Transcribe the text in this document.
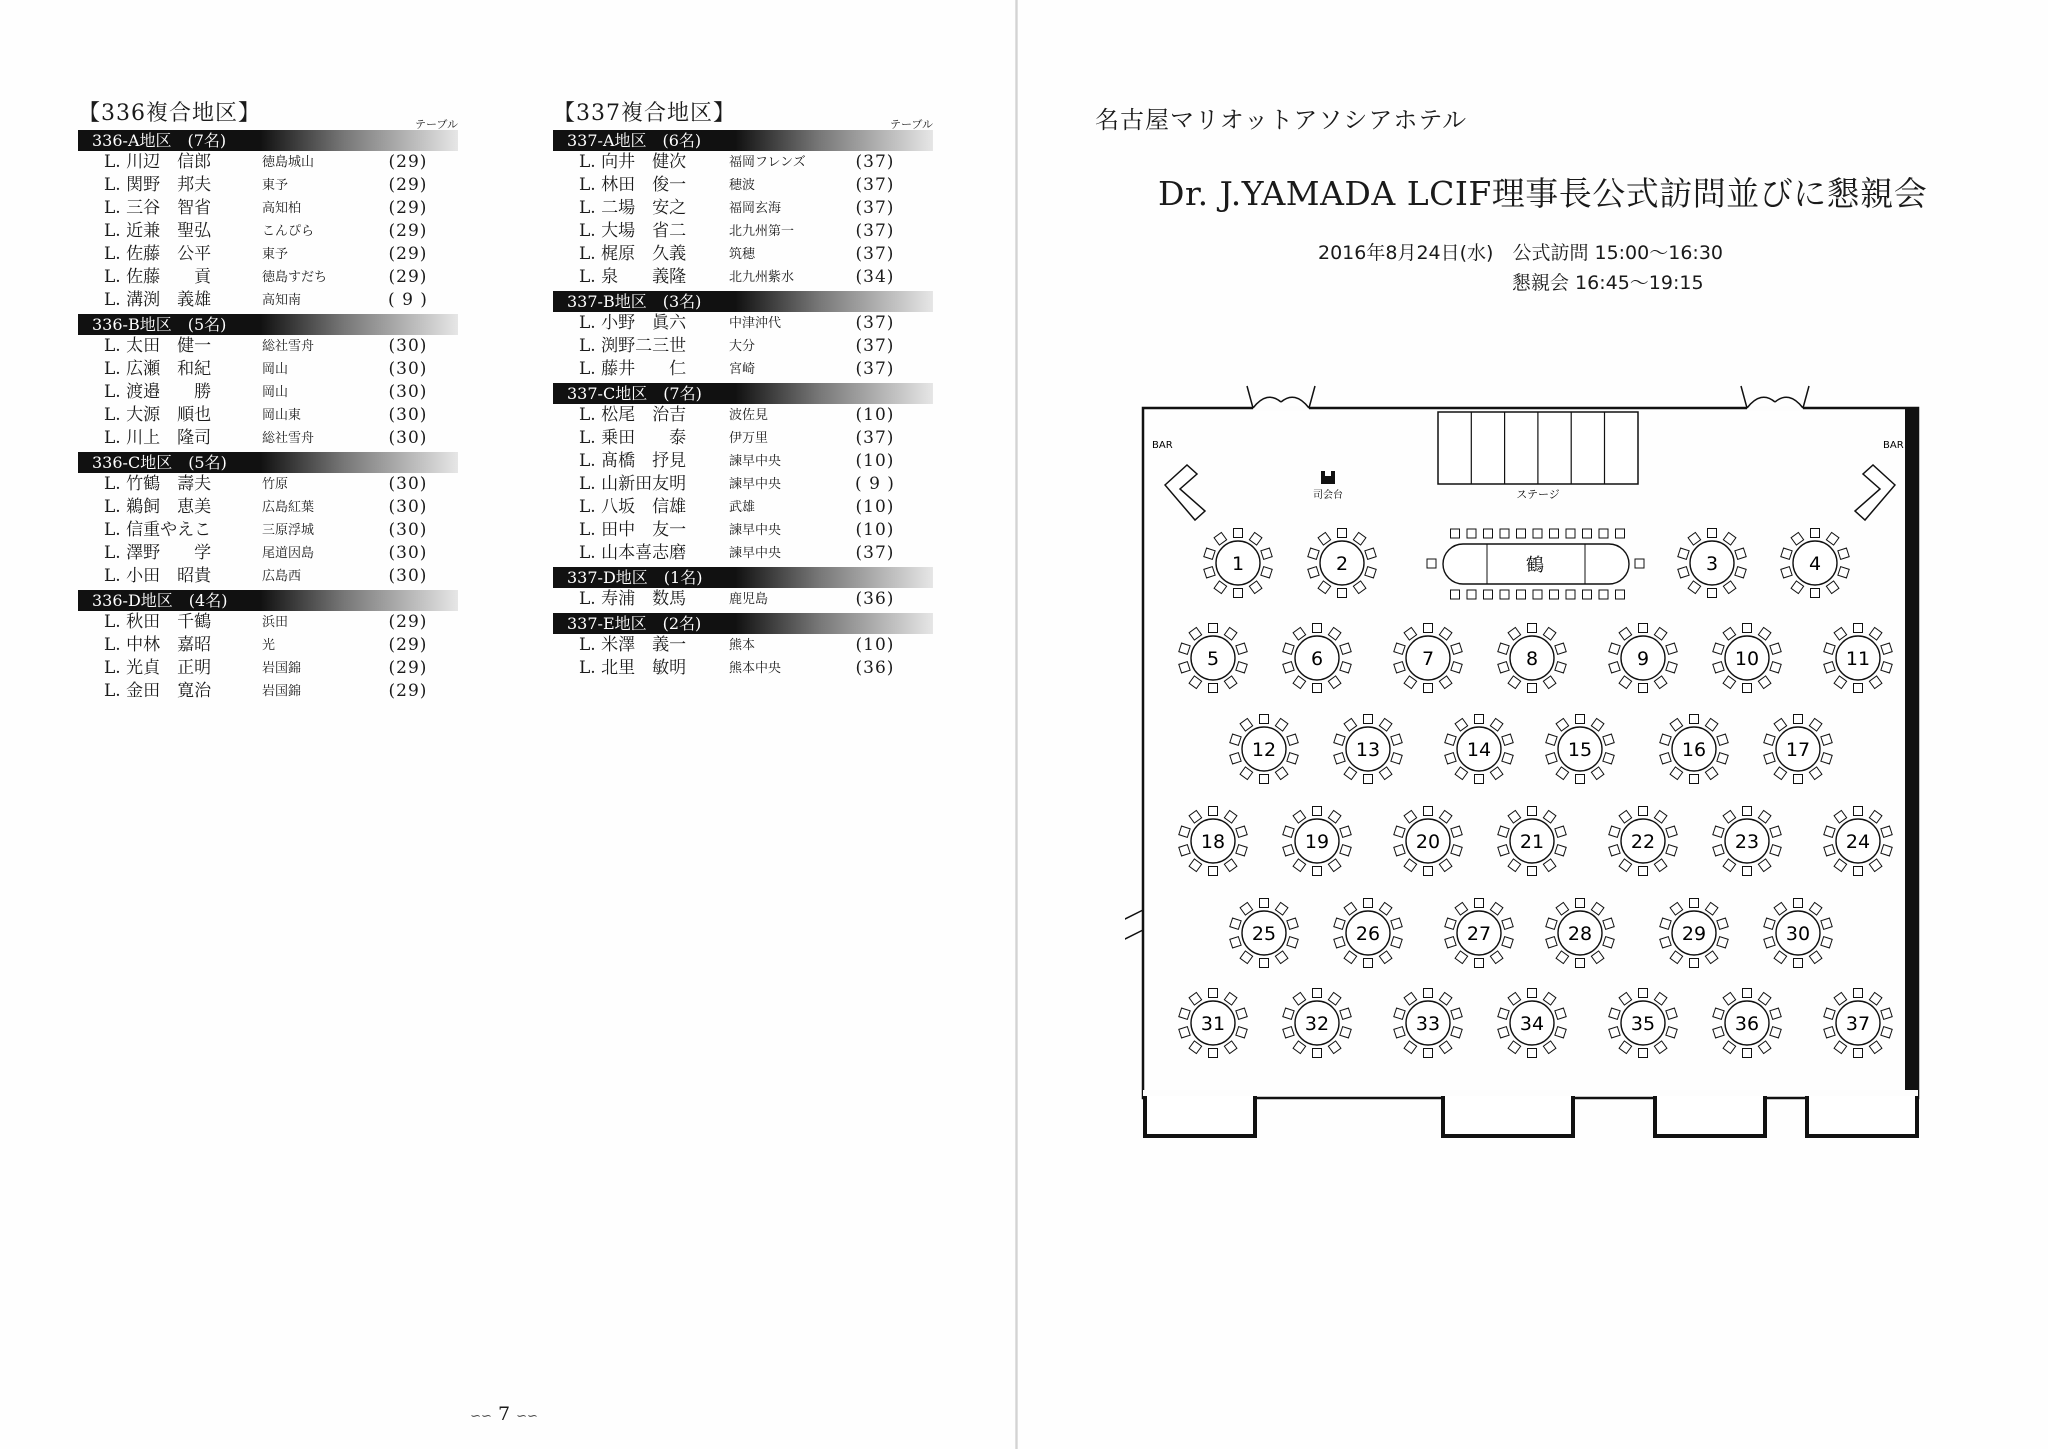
【336複合地区】	テーブル
336-A地区　(7名)
L. 川辺　信郎	徳島城山	(29)
L. 関野　邦夫	東予	(29)
L. 三谷　智省	高知柏	(29)
L. 近兼　聖弘	こんぴら	(29)
L. 佐藤　公平	東予	(29)
L. 佐藤　　貢	徳島すだち	(29)
L. 溝渕　義雄	高知南	( 9 )
336-B地区　(5名)
L. 太田　健一	総社雪舟	(30)
L. 広瀬　和紀	岡山	(30)
L. 渡邉　　勝	岡山	(30)
L. 大源　順也	岡山東	(30)
L. 川上　隆司	総社雪舟	(30)
336-C地区　(5名)
L. 竹鶴　壽夫	竹原	(30)
L. 鵜飼　恵美	広島紅葉	(30)
L. 信重やえこ	三原浮城	(30)
L. 澤野　　学	尾道因島	(30)
L. 小田　昭貴	広島西	(30)
336-D地区　(4名)
L. 秋田　千鶴	浜田	(29)
L. 中林　嘉昭	光	(29)
L. 光貞　正明	岩国錦	(29)
L. 金田　寛治	岩国錦	(29)
【337複合地区】	テーブル
337-A地区　(6名)
L. 向井　健次	福岡フレンズ	(37)
L. 林田　俊一	穂波	(37)
L. 二場　安之	福岡玄海	(37)
L. 大場　省二	北九州第一	(37)
L. 梶原　久義	筑穂	(37)
L. 泉　　義隆	北九州紫水	(34)
337-B地区　(3名)
L. 小野　眞六	中津沖代	(37)
L. 渕野二三世	大分	(37)
L. 藤井　　仁	宮崎	(37)
337-C地区　(7名)
L. 松尾　治吉	波佐見	(10)
L. 乗田　　泰	伊万里	(37)
L. 髙橋　抒見	諫早中央	(10)
L. 山新田友明	諫早中央	( 9 )
L. 八坂　信雄	武雄	(10)
L. 田中　友一	諫早中央	(10)
L. 山本喜志磨	諫早中央	(37)
337-D地区　(1名)
L. 寿浦　数馬	鹿児島	(36)
337-E地区　(2名)
L. 米澤　義一	熊本	(10)
L. 北里　敏明	熊本中央	(36)
∽∽ 7 ∽∽
名古屋マリオットアソシアホテル
Dr. J.YAMADA LCIF理事長公式訪問並びに懇親会
2016年8月24日(水)　公式訪問 15:00～16:30
懇親会 16:45～19:15
ステージ
BAR	BAR
司会台
1	2	3	4
鶴
5	6	7	8	9	10	11
12	13	14	15	16	17
18	19	20	21	22	23	24
25	26	27	28	29	30
31	32	33	34	35	36	37
